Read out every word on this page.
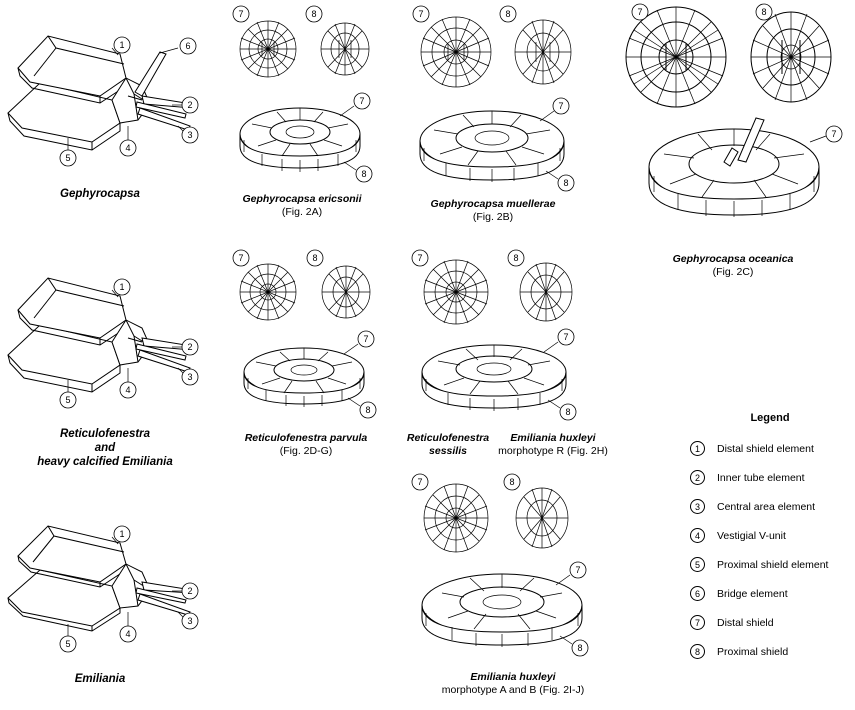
1	6
2
3
4
5
Gephyrocapsa
7
8
7	8
Gephyrocapsa ericsonii
(Fig. 2A)
7
8
7	8
Gephyrocapsa muellerae
(Fig. 2B)
7
7	8
Gephyrocapsa oceanica
(Fig. 2C)
1
2
3
4
5
Reticulofenestra
and
heavy calcified Emiliania
7
8
7	8
Reticulofenestra parvula
(Fig. 2D-G)
7
8
7	8
Reticulofenestra
sessilis
Emiliania huxleyi
morphotype R (Fig. 2H)
Legend
1	Distal shield element
2	Inner tube element
3	Central area element
4	Vestigial V-unit
5	Proximal shield element
6	Bridge element
7	Distal shield
8	Proximal shield
1
2
3
4
5
Emiliania
7
8
7	8
Emiliania huxleyi
morphotype A and B (Fig. 2I-J)
